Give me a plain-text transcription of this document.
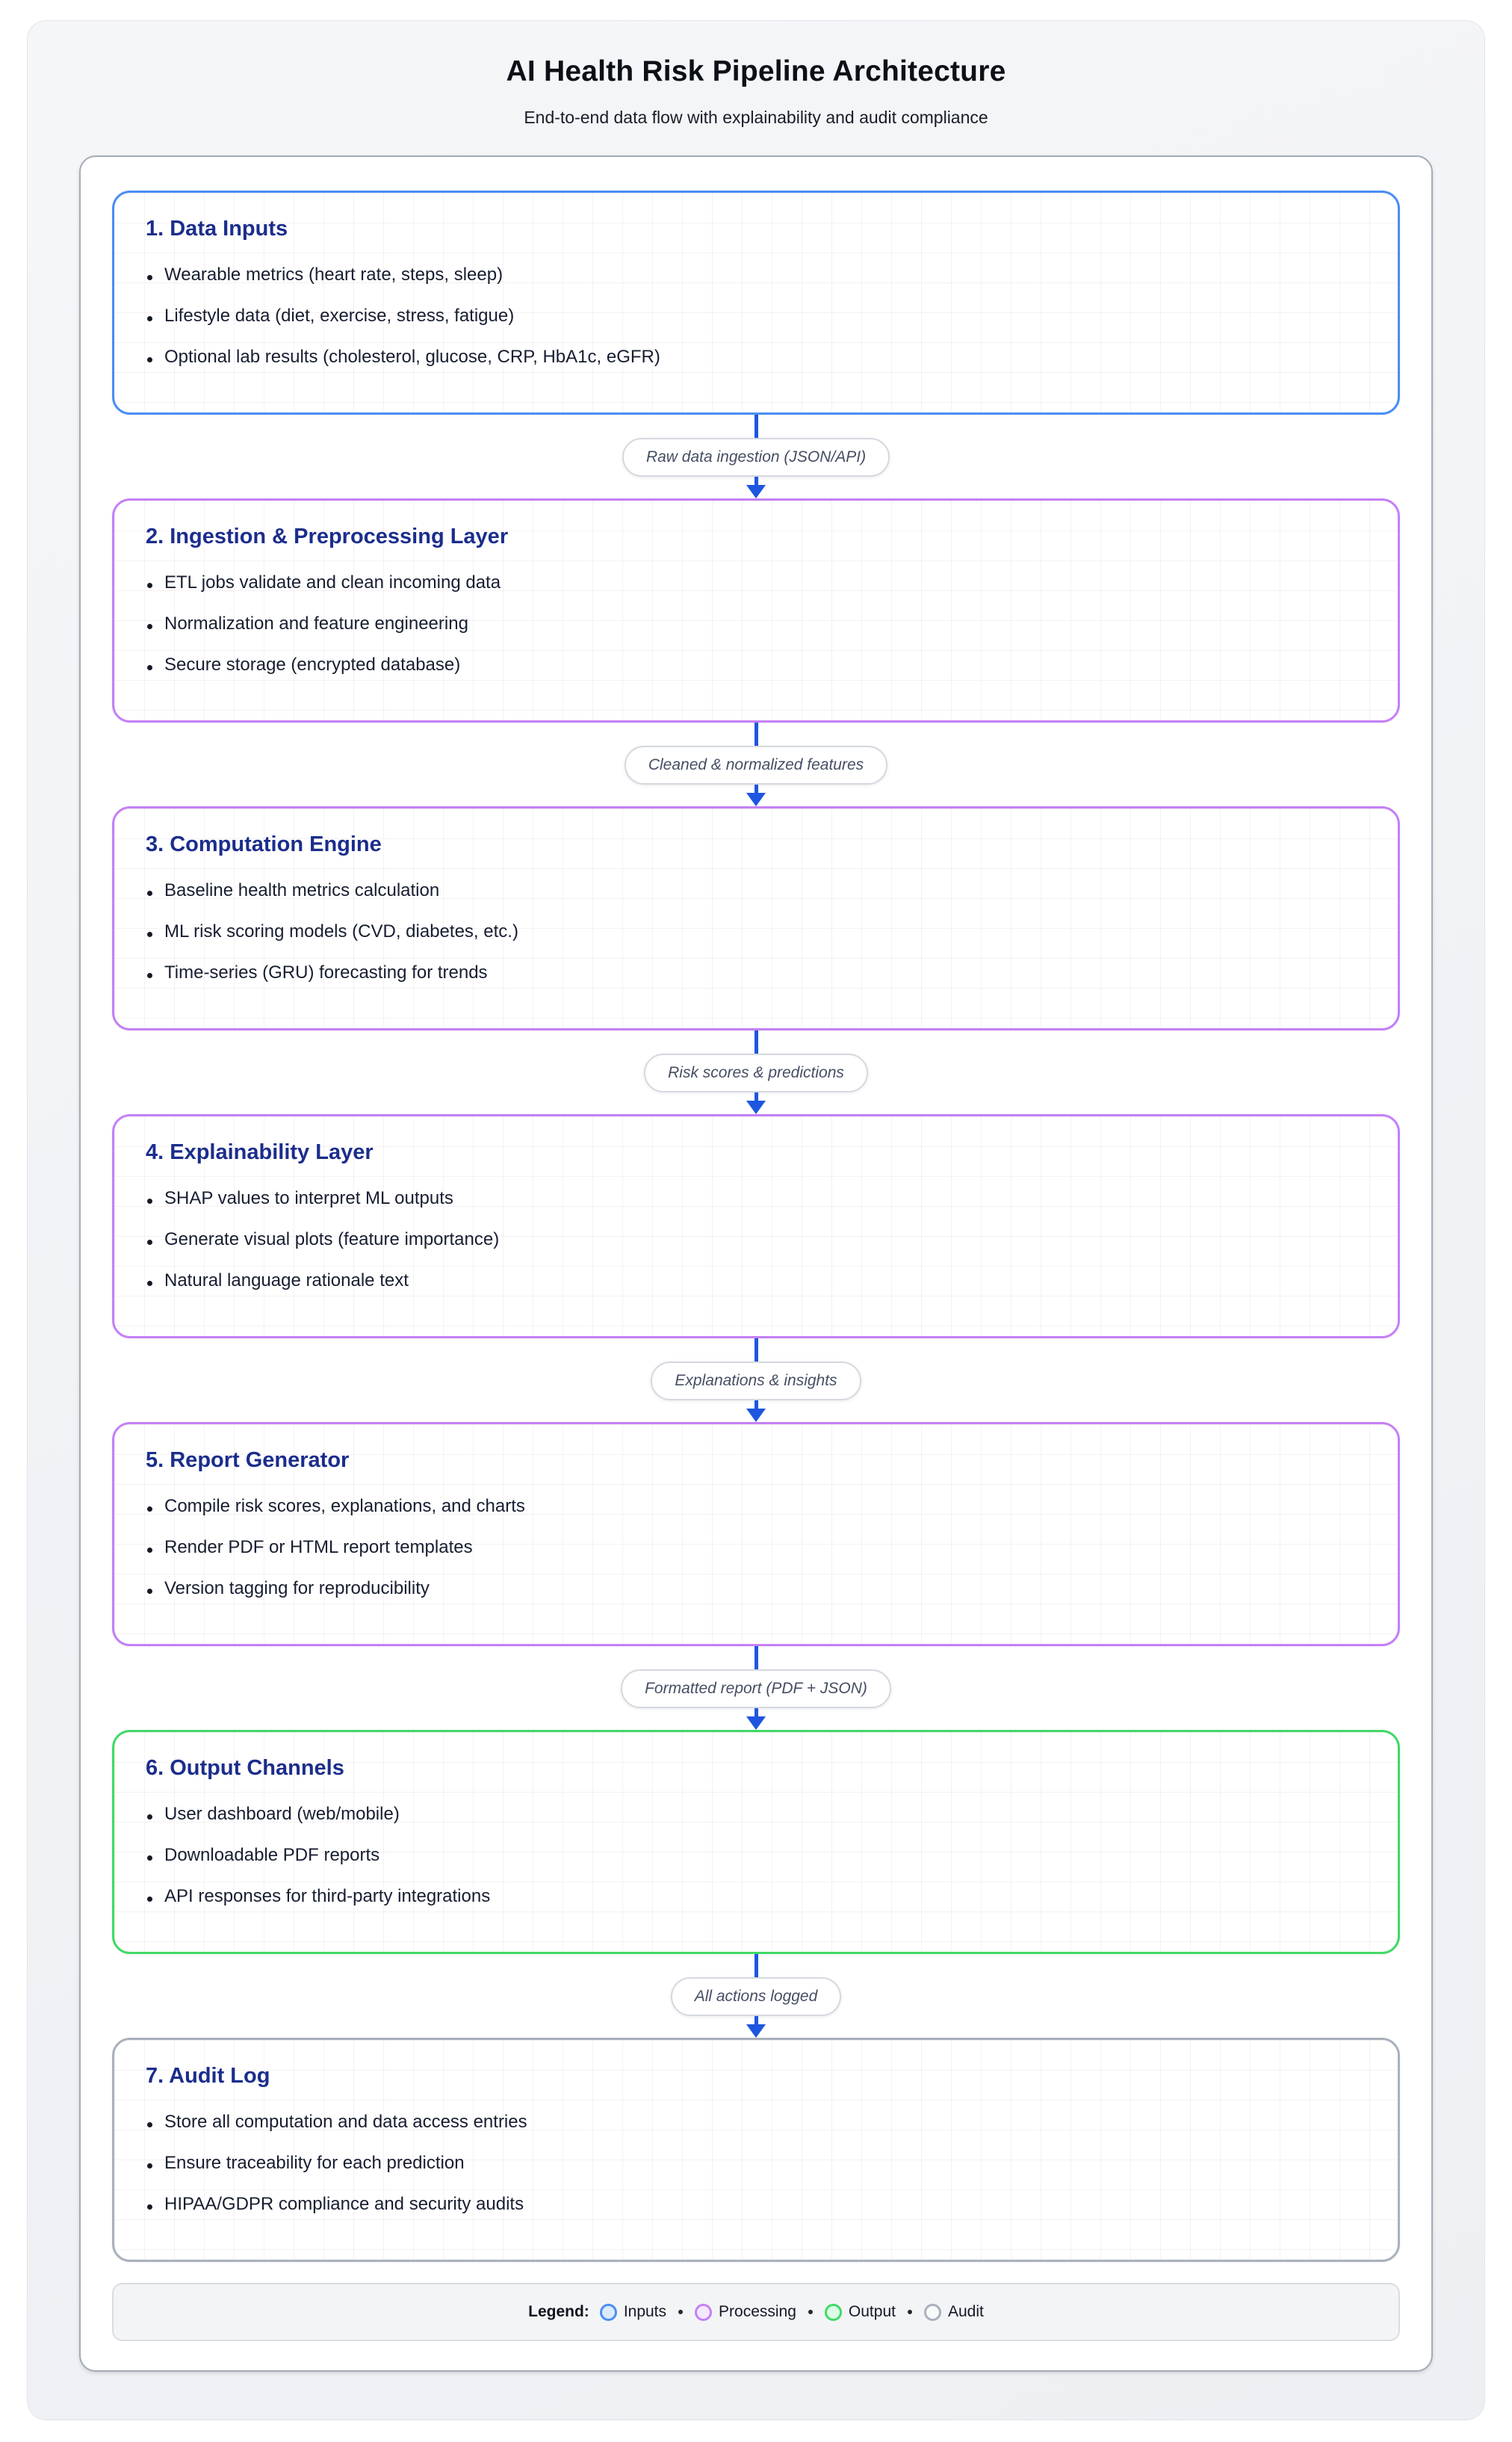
AI Health Risk Pipeline Architecture
End-to-end data flow with explainability and audit compliance
1. Data Inputs
Wearable metrics (heart rate, steps, sleep)
Lifestyle data (diet, exercise, stress, fatigue)
Optional lab results (cholesterol, glucose, CRP, HbA1c, eGFR)
Raw data ingestion (JSON/API)
2. Ingestion & Preprocessing Layer
ETL jobs validate and clean incoming data
Normalization and feature engineering
Secure storage (encrypted database)
Cleaned & normalized features
3. Computation Engine
Baseline health metrics calculation
ML risk scoring models (CVD, diabetes, etc.)
Time-series (GRU) forecasting for trends
Risk scores & predictions
4. Explainability Layer
SHAP values to interpret ML outputs
Generate visual plots (feature importance)
Natural language rationale text
Explanations & insights
5. Report Generator
Compile risk scores, explanations, and charts
Render PDF or HTML report templates
Version tagging for reproducibility
Formatted report (PDF + JSON)
6. Output Channels
User dashboard (web/mobile)
Downloadable PDF reports
API responses for third-party integrations
All actions logged
7. Audit Log
Store all computation and data access entries
Ensure traceability for each prediction
HIPAA/GDPR compliance and security audits
Legend: Inputs	Processing	Output	Audit
